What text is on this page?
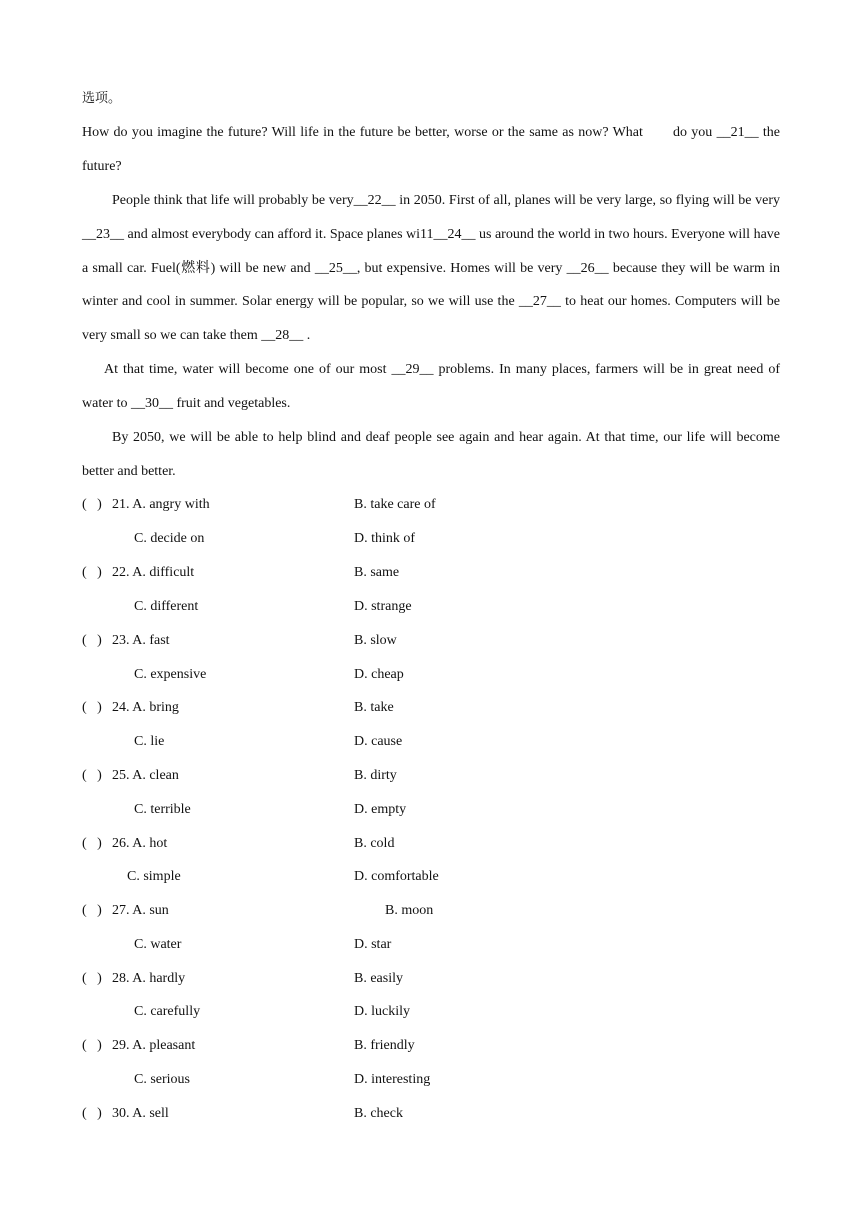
选项。

How do you imagine the future? Will life in the future be better, worse or the same as now? What       do you __21__ the future?

People think that life will probably be very__22__ in 2050. First of all, planes will be very large, so flying will be very __23__ and almost everybody can afford it. Space planes wi11__24__ us around the world in two hours. Everyone will have a small car. Fuel(燃料) will be new and __25__, but expensive. Homes will be very __26__ because they will be warm in winter and cool in summer. Solar energy will be popular, so we will use the __27__ to heat our homes. Computers will be very small so we can take them __28__ .

At that time, water will become one of our most __29__ problems. In many places, farmers will be in great need of water to __30__ fruit and vegetables.

By 2050, we will be able to help blind and deaf people see again and hear again. At that time, our life will become better and better.

(   ) 21. A. angry with	B. take care of
C. decide on	D. think of
(   ) 22. A. difficult	B. same
C. different	D. strange
(   ) 23. A. fast	B. slow
C. expensive	D. cheap
(   ) 24. A. bring	B. take
C. lie	D. cause
(   ) 25. A. clean	B. dirty
C. terrible	D. empty
(   ) 26. A. hot	B. cold
C. simple	D. comfortable
(   ) 27. A. sun	B. moon
C. water	D. star
(   ) 28. A. hardly	B. easily
C. carefully	D. luckily
(   ) 29. A. pleasant	B. friendly
C. serious	D. interesting
(   ) 30. A. sell	B. check
